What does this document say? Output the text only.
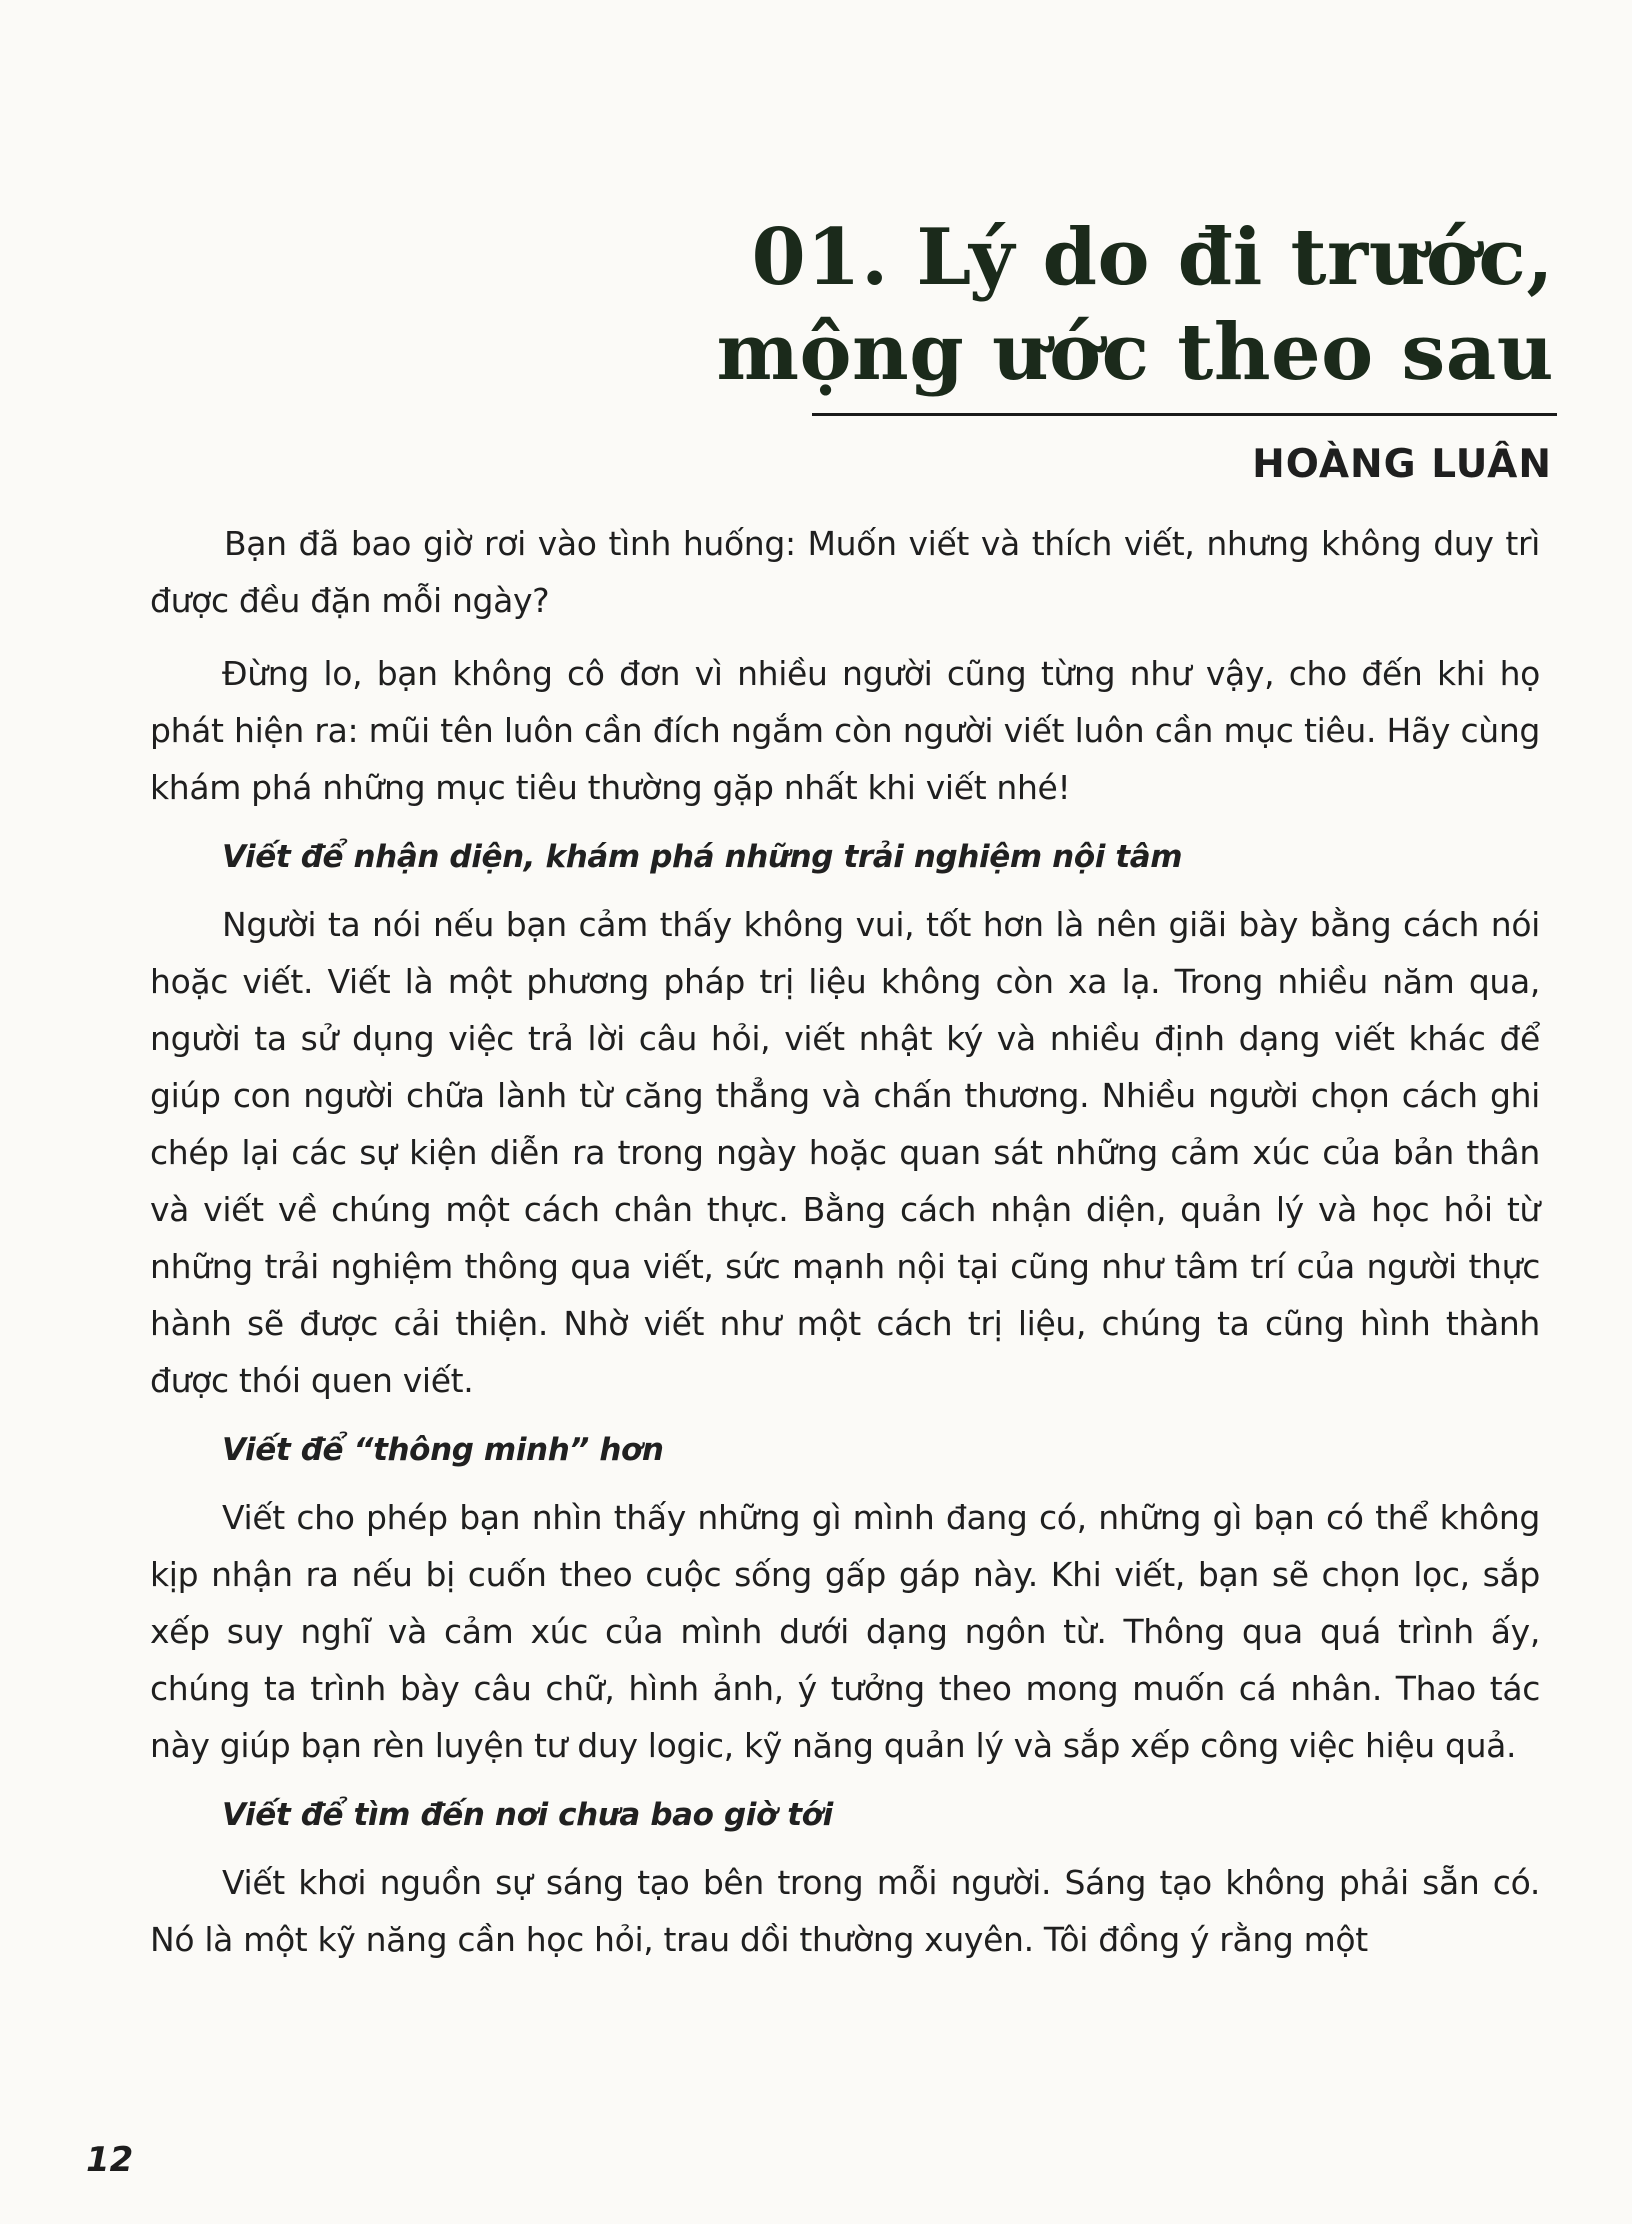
01. Lý do đi trước,
mộng ước theo sau
HOÀNG LUÂN

Bạn đã bao giờ rơi vào tình huống: Muốn viết và thích viết, nhưng không duy trì được đều đặn mỗi ngày?

Đừng lo, bạn không cô đơn vì nhiều người cũng từng như vậy, cho đến khi họ phát hiện ra: mũi tên luôn cần đích ngắm còn người viết luôn cần mục tiêu. Hãy cùng khám phá những mục tiêu thường gặp nhất khi viết nhé!

Viết để nhận diện, khám phá những trải nghiệm nội tâm

Người ta nói nếu bạn cảm thấy không vui, tốt hơn là nên giãi bày bằng cách nói hoặc viết. Viết là một phương pháp trị liệu không còn xa lạ. Trong nhiều năm qua, người ta sử dụng việc trả lời câu hỏi, viết nhật ký và nhiều định dạng viết khác để giúp con người chữa lành từ căng thẳng và chấn thương. Nhiều người chọn cách ghi chép lại các sự kiện diễn ra trong ngày hoặc quan sát những cảm xúc của bản thân và viết về chúng một cách chân thực. Bằng cách nhận diện, quản lý và học hỏi từ những trải nghiệm thông qua viết, sức mạnh nội tại cũng như tâm trí của người thực hành sẽ được cải thiện. Nhờ viết như một cách trị liệu, chúng ta cũng hình thành được thói quen viết.

Viết để “thông minh” hơn

Viết cho phép bạn nhìn thấy những gì mình đang có, những gì bạn có thể không kịp nhận ra nếu bị cuốn theo cuộc sống gấp gáp này. Khi viết, bạn sẽ chọn lọc, sắp xếp suy nghĩ và cảm xúc của mình dưới dạng ngôn từ. Thông qua quá trình ấy, chúng ta trình bày câu chữ, hình ảnh, ý tưởng theo mong muốn cá nhân. Thao tác này giúp bạn rèn luyện tư duy logic, kỹ năng quản lý và sắp xếp công việc hiệu quả.

Viết để tìm đến nơi chưa bao giờ tới

Viết khơi nguồn sự sáng tạo bên trong mỗi người. Sáng tạo không phải sẵn có. Nó là một kỹ năng cần học hỏi, trau dồi thường xuyên. Tôi đồng ý rằng một

12
